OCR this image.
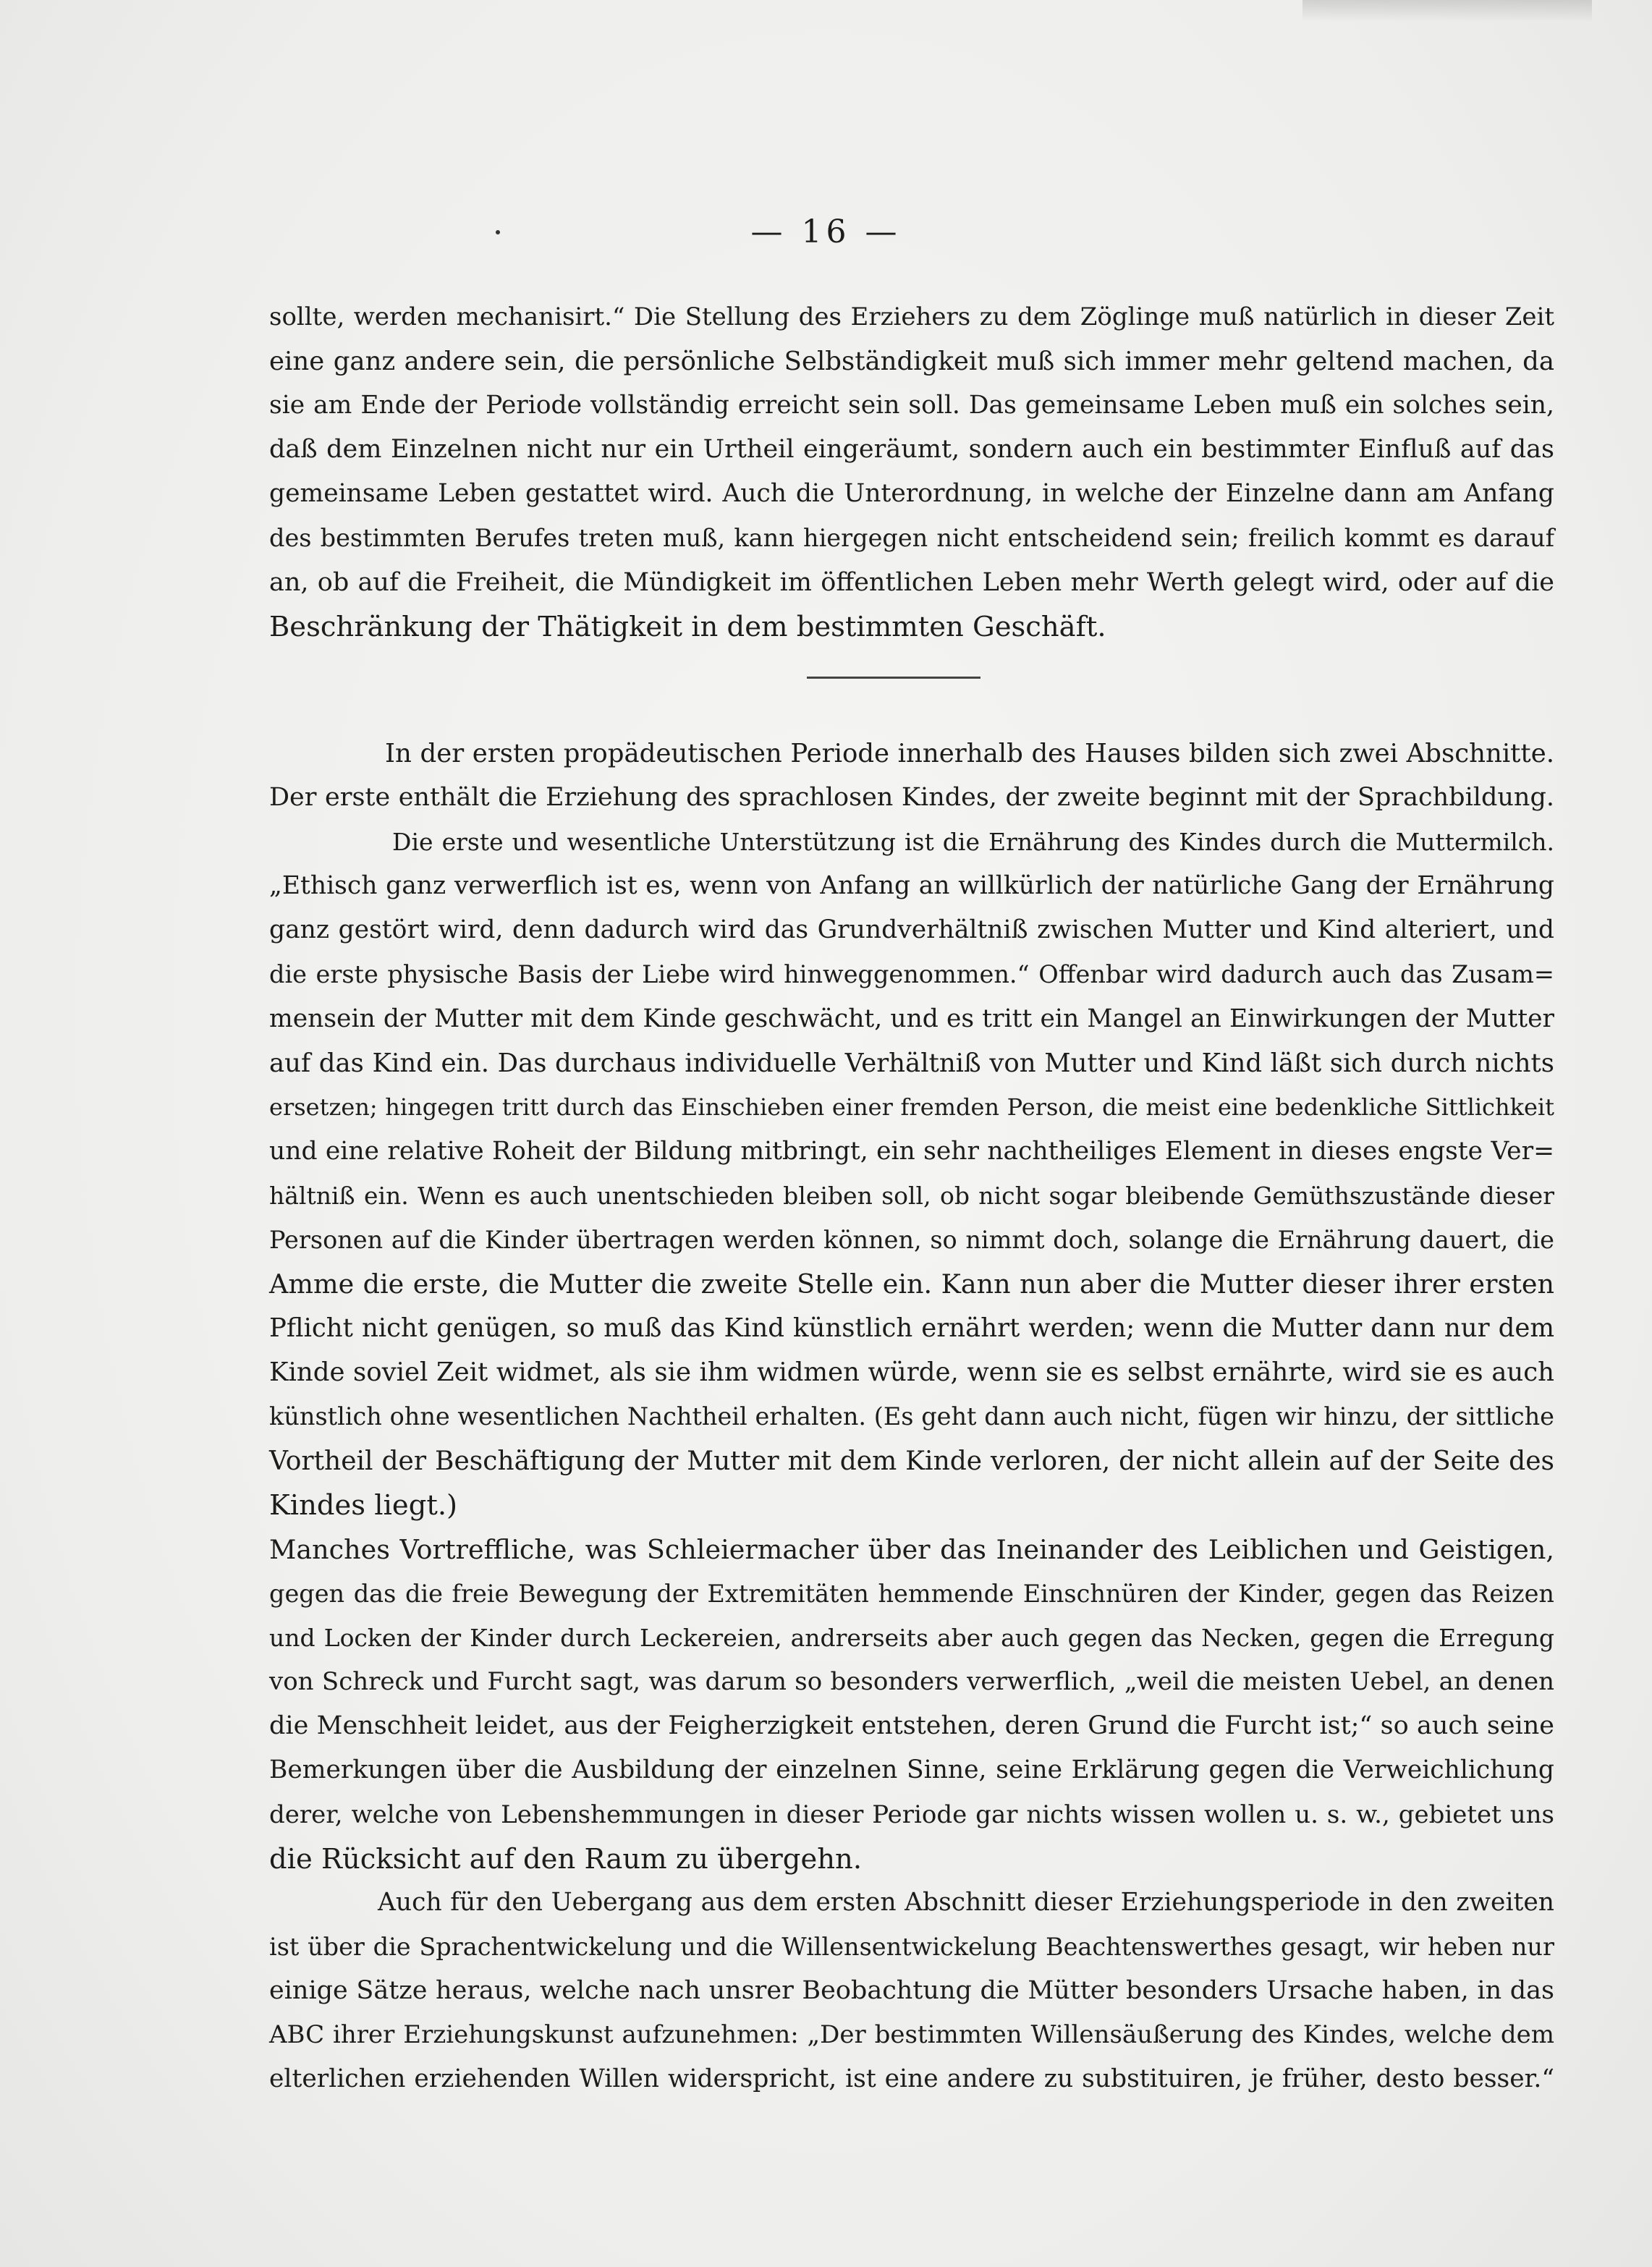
— 16 —
sollte, werden mechanisirt.“ Die Stellung des Erziehers zu dem Zöglinge muß natürlich in dieser Zeit
eine ganz andere sein, die persönliche Selbständigkeit muß sich immer mehr geltend machen, da
sie am Ende der Periode vollständig erreicht sein soll. Das gemeinsame Leben muß ein solches sein,
daß dem Einzelnen nicht nur ein Urtheil eingeräumt, sondern auch ein bestimmter Einfluß auf das
gemeinsame Leben gestattet wird. Auch die Unterordnung, in welche der Einzelne dann am Anfang
des bestimmten Berufes treten muß, kann hiergegen nicht entscheidend sein; freilich kommt es darauf
an, ob auf die Freiheit, die Mündigkeit im öffentlichen Leben mehr Werth gelegt wird, oder auf die
Beschränkung der Thätigkeit in dem bestimmten Geschäft.
In der ersten propädeutischen Periode innerhalb des Hauses bilden sich zwei Abschnitte.
Der erste enthält die Erziehung des sprachlosen Kindes, der zweite beginnt mit der Sprachbildung.
Die erste und wesentliche Unterstützung ist die Ernährung des Kindes durch die Muttermilch.
„Ethisch ganz verwerflich ist es, wenn von Anfang an willkürlich der natürliche Gang der Ernährung
ganz gestört wird, denn dadurch wird das Grundverhältniß zwischen Mutter und Kind alteriert, und
die erste physische Basis der Liebe wird hinweggenommen.“ Offenbar wird dadurch auch das Zusam=
mensein der Mutter mit dem Kinde geschwächt, und es tritt ein Mangel an Einwirkungen der Mutter
auf das Kind ein. Das durchaus individuelle Verhältniß von Mutter und Kind läßt sich durch nichts
ersetzen; hingegen tritt durch das Einschieben einer fremden Person, die meist eine bedenkliche Sittlichkeit
und eine relative Roheit der Bildung mitbringt, ein sehr nachtheiliges Element in dieses engste Ver=
hältniß ein. Wenn es auch unentschieden bleiben soll, ob nicht sogar bleibende Gemüthszustände dieser
Personen auf die Kinder übertragen werden können, so nimmt doch, solange die Ernährung dauert, die
Amme die erste, die Mutter die zweite Stelle ein. Kann nun aber die Mutter dieser ihrer ersten
Pflicht nicht genügen, so muß das Kind künstlich ernährt werden; wenn die Mutter dann nur dem
Kinde soviel Zeit widmet, als sie ihm widmen würde, wenn sie es selbst ernährte, wird sie es auch
künstlich ohne wesentlichen Nachtheil erhalten. (Es geht dann auch nicht, fügen wir hinzu, der sittliche
Vortheil der Beschäftigung der Mutter mit dem Kinde verloren, der nicht allein auf der Seite des
Kindes liegt.)
Manches Vortreffliche, was Schleiermacher über das Ineinander des Leiblichen und Geistigen,
gegen das die freie Bewegung der Extremitäten hemmende Einschnüren der Kinder, gegen das Reizen
und Locken der Kinder durch Leckereien, andrerseits aber auch gegen das Necken, gegen die Erregung
von Schreck und Furcht sagt, was darum so besonders verwerflich, „weil die meisten Uebel, an denen
die Menschheit leidet, aus der Feigherzigkeit entstehen, deren Grund die Furcht ist;“ so auch seine
Bemerkungen über die Ausbildung der einzelnen Sinne, seine Erklärung gegen die Verweichlichung
derer, welche von Lebenshemmungen in dieser Periode gar nichts wissen wollen u. s. w., gebietet uns
die Rücksicht auf den Raum zu übergehn.
Auch für den Uebergang aus dem ersten Abschnitt dieser Erziehungsperiode in den zweiten
ist über die Sprachentwickelung und die Willensentwickelung Beachtenswerthes gesagt, wir heben nur
einige Sätze heraus, welche nach unsrer Beobachtung die Mütter besonders Ursache haben, in das
ABC ihrer Erziehungskunst aufzunehmen: „Der bestimmten Willensäußerung des Kindes, welche dem
elterlichen erziehenden Willen widerspricht, ist eine andere zu substituiren, je früher, desto besser.“
